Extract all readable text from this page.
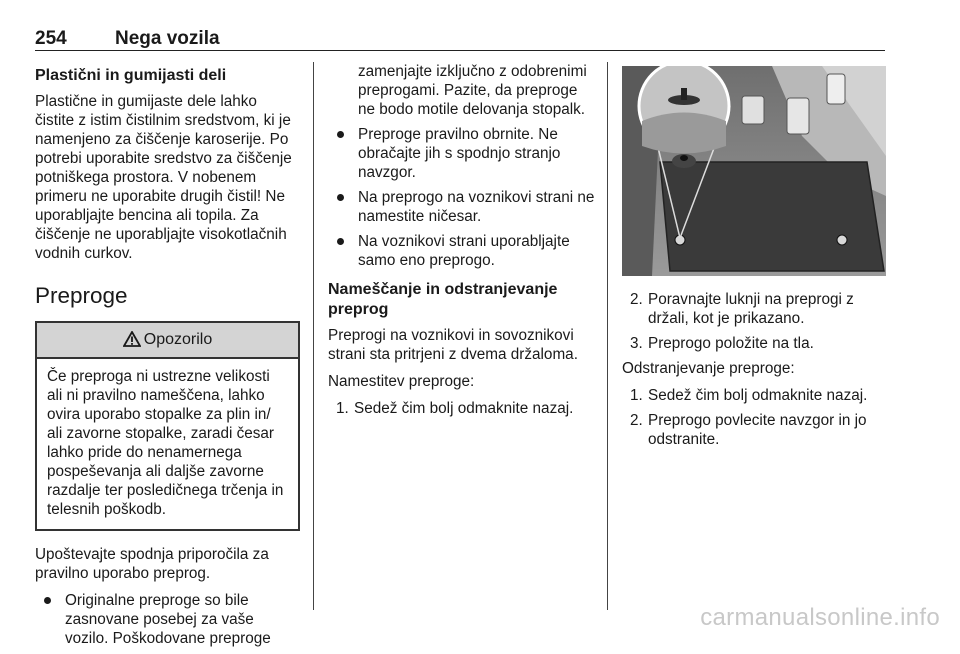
254	Nega vozila
Plastični in gumijasti deli

Plastične in gumijaste dele lahko čistite z istim čistilnim sredstvom, ki je namenjeno za čiščenje karoserije. Po potrebi uporabite sredstvo za čiščenje potniškega prostora. V nobenem primeru ne uporabite drugih čistil! Ne uporabljajte bencina ali topila. Za čiščenje ne uporabljajte visokotlačnih vodnih curkov.

Preproge
Opozorilo
Če preproga ni ustrezne velikosti ali ni pravilno nameščena, lahko ovira uporabo stopalke za plin in/ ali zavorne stopalke, zaradi česar lahko pride do nenamernega pospeševanja ali daljše zavorne razdalje ter posledičnega trčenja in telesnih poškodb.

Upoštevajte spodnja priporočila za pravilno uporabo preprog.

Originalne preproge so bile zasnovane posebej za vaše vozilo. Poškodovane preproge
zamenjajte izključno z odobrenimi preprogami. Pazite, da preproge ne bodo motile delovanja stopalk.
Preproge pravilno obrnite. Ne obračajte jih s spodnjo stranjo navzgor.
Na preprogo na voznikovi strani ne namestite ničesar.
Na voznikovi strani uporabljajte samo eno preprogo.
Nameščanje in odstranjevanje preprog

Preprogi na voznikovi in sovoznikovi strani sta pritrjeni z dvema držaloma.

Namestitev preproge:

1. Sedež čim bolj odmaknite nazaj.
2. Poravnajte luknji na preprogi z držali, kot je prikazano.
3. Preprogo položite na tla.

Odstranjevanje preproge:

1. Sedež čim bolj odmaknite nazaj.
2. Preprogo povlecite navzgor in jo odstranite.
carmanualsonline.info
